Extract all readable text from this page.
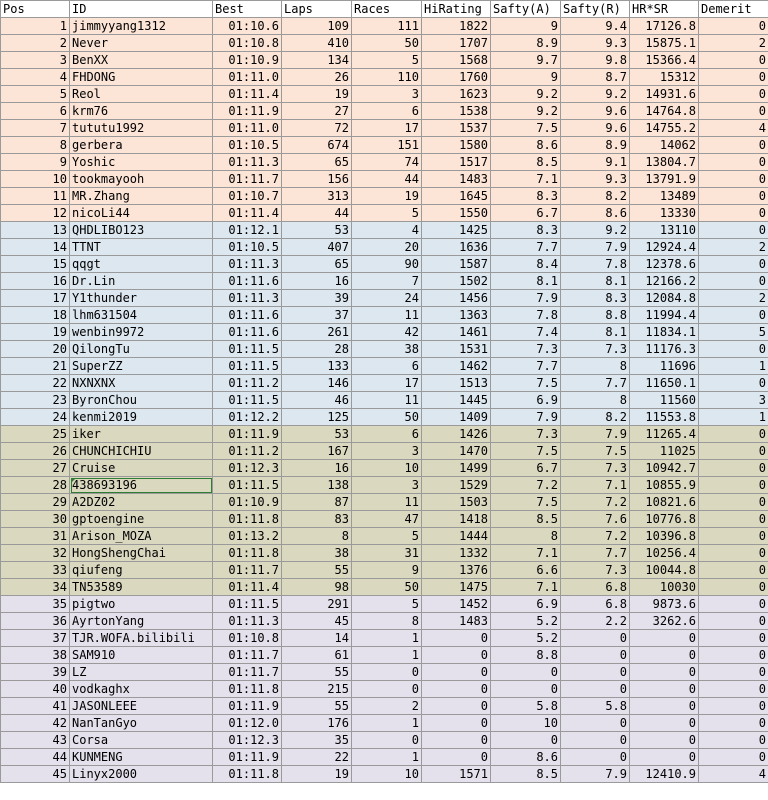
Pos	ID	Best	Laps	Races	HiRating	Safty(A)	Safty(R)	HR*SR	Demerit
1	jimmyyang1312	01:10.6	109	111	1822	9	9.4	17126.8	0
2	Never	01:10.8	410	50	1707	8.9	9.3	15875.1	2
3	BenXX	01:10.9	134	5	1568	9.7	9.8	15366.4	0
4	FHDONG	01:11.0	26	110	1760	9	8.7	15312	0
5	Reol	01:11.4	19	3	1623	9.2	9.2	14931.6	0
6	krm76	01:11.9	27	6	1538	9.2	9.6	14764.8	0
7	tututu1992	01:11.0	72	17	1537	7.5	9.6	14755.2	4
8	gerbera	01:10.5	674	151	1580	8.6	8.9	14062	0
9	Yoshic	01:11.3	65	74	1517	8.5	9.1	13804.7	0
10	tookmayooh	01:11.7	156	44	1483	7.1	9.3	13791.9	0
11	MR.Zhang	01:10.7	313	19	1645	8.3	8.2	13489	0
12	nicoLi44	01:11.4	44	5	1550	6.7	8.6	13330	0
13	QHDLIBO123	01:12.1	53	4	1425	8.3	9.2	13110	0
14	TTNT	01:10.5	407	20	1636	7.7	7.9	12924.4	2
15	qqgt	01:11.3	65	90	1587	8.4	7.8	12378.6	0
16	Dr.Lin	01:11.6	16	7	1502	8.1	8.1	12166.2	0
17	Y1thunder	01:11.3	39	24	1456	7.9	8.3	12084.8	2
18	lhm631504	01:11.6	37	11	1363	7.8	8.8	11994.4	0
19	wenbin9972	01:11.6	261	42	1461	7.4	8.1	11834.1	5
20	QilongTu	01:11.5	28	38	1531	7.3	7.3	11176.3	0
21	SuperZZ	01:11.5	133	6	1462	7.7	8	11696	1
22	NXNXNX	01:11.2	146	17	1513	7.5	7.7	11650.1	0
23	ByronChou	01:11.5	46	11	1445	6.9	8	11560	3
24	kenmi2019	01:12.2	125	50	1409	7.9	8.2	11553.8	1
25	iker	01:11.9	53	6	1426	7.3	7.9	11265.4	0
26	CHUNCHICHIU	01:11.2	167	3	1470	7.5	7.5	11025	0
27	Cruise	01:12.3	16	10	1499	6.7	7.3	10942.7	0
28	438693196	01:11.5	138	3	1529	7.2	7.1	10855.9	0
29	A2DZ02	01:10.9	87	11	1503	7.5	7.2	10821.6	0
30	gptoengine	01:11.8	83	47	1418	8.5	7.6	10776.8	0
31	Arison_MOZA	01:13.2	8	5	1444	8	7.2	10396.8	0
32	HongShengChai	01:11.8	38	31	1332	7.1	7.7	10256.4	0
33	qiufeng	01:11.7	55	9	1376	6.6	7.3	10044.8	0
34	TN53589	01:11.4	98	50	1475	7.1	6.8	10030	0
35	pigtwo	01:11.5	291	5	1452	6.9	6.8	9873.6	0
36	AyrtonYang	01:11.3	45	8	1483	5.2	2.2	3262.6	0
37	TJR.WOFA.bilibili	01:10.8	14	1	0	5.2	0	0	0
38	SAM910	01:11.7	61	1	0	8.8	0	0	0
39	LZ	01:11.7	55	0	0	0	0	0	0
40	vodkaghx	01:11.8	215	0	0	0	0	0	0
41	JASONLEEE	01:11.9	55	2	0	5.8	5.8	0	0
42	NanTanGyo	01:12.0	176	1	0	10	0	0	0
43	Corsa	01:12.3	35	0	0	0	0	0	0
44	KUNMENG	01:11.9	22	1	0	8.6	0	0	0
45	Linyx2000	01:11.8	19	10	1571	8.5	7.9	12410.9	4
